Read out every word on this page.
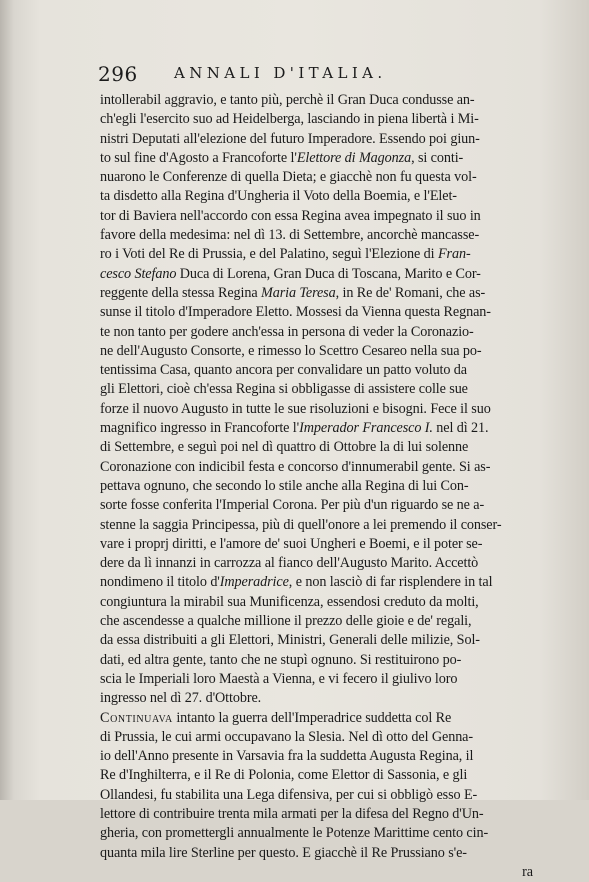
296 ANNALI D'ITALIA.
intollerabil aggravio, e tanto più, perchè il Gran Duca condusse an-
ch'egli l'esercito suo ad Heidelberga, lasciando in piena libertà i Mi-
nistri Deputati all'elezione del futuro Imperadore. Essendo poi giun-
to sul fine d'Agosto a Francoforte l'Elettore di Magonza, si conti-
nuarono le Conferenze di quella Dieta; e giacchè non fu questa vol-
ta disdetto alla Regina d'Ungheria il Voto della Boemia, e l'Elet-
tor di Baviera nell'accordo con essa Regina avea impegnato il suo in
favore della medesima: nel dì 13. di Settembre, ancorchè mancasse-
ro i Voti del Re di Prussia, e del Palatino, seguì l'Elezione di Fran-
cesco Stefano Duca di Lorena, Gran Duca di Toscana, Marito e Cor-
reggente della stessa Regina Maria Teresa, in Re de' Romani, che as-
sunse il titolo d'Imperadore Eletto. Mossesi da Vienna questa Regnan-
te non tanto per godere anch'essa in persona di veder la Coronazio-
ne dell'Augusto Consorte, e rimesso lo Scettro Cesareo nella sua po-
tentissima Casa, quanto ancora per convalidare un patto voluto da
gli Elettori, cioè ch'essa Regina si obbligasse di assistere colle sue
forze il nuovo Augusto in tutte le sue risoluzioni e bisogni. Fece il suo
magnifico ingresso in Francoforte l'Imperador Francesco I. nel dì 21.
di Settembre, e seguì poi nel dì quattro di Ottobre la di lui solenne
Coronazione con indicibil festa e concorso d'innumerabil gente. Si as-
pettava ognuno, che secondo lo stile anche alla Regina di lui Con-
sorte fosse conferita l'Imperial Corona. Per più d'un riguardo se ne a-
stenne la saggia Principessa, più di quell'onore a lei premendo il conser-
vare i proprj diritti, e l'amore de' suoi Ungheri e Boemi, e il poter se-
dere da lì innanzi in carrozza al fianco dell'Augusto Marito. Accettò
nondimeno il titolo d'Imperadrice, e non lasciò di far risplendere in tal
congiuntura la mirabil sua Munificenza, essendosi creduto da molti,
che ascendesse a qualche millione il prezzo delle gioie e de' regali,
da essa distribuiti a gli Elettori, Ministri, Generali delle milizie, Sol-
dati, ed altra gente, tanto che ne stupì ognuno. Si restituirono po-
scia le Imperiali loro Maestà a Vienna, e vi fecero il giulivo loro
ingresso nel dì 27. d'Ottobre.
Continuava intanto la guerra dell'Imperadrice suddetta col Re
di Prussia, le cui armi occupavano la Slesia. Nel dì otto del Genna-
io dell'Anno presente in Varsavia fra la suddetta Augusta Regina, il
Re d'Inghilterra, e il Re di Polonia, come Elettor di Sassonia, e gli
Ollandesi, fu stabilita una Lega difensiva, per cui si obbligò esso E-
lettore di contribuire trenta mila armati per la difesa del Regno d'Un-
gheria, con promettergli annualmente le Potenze Marittime cento cin-
quanta mila lire Sterline per questo. E giacchè il Re Prussiano s'e-
ra
